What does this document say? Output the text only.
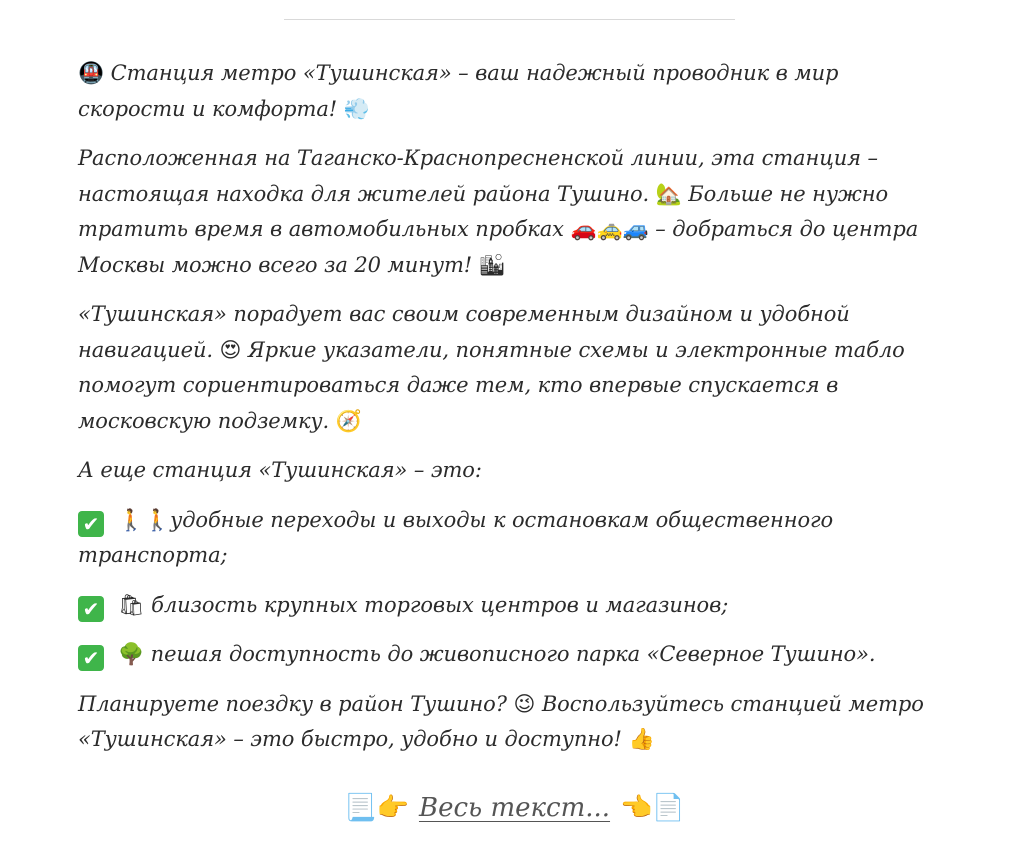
🚇 Станция метро «Тушинская» – ваш надежный проводник в мир скорости и комфорта! 💨

Расположенная на Таганско-Краснопресненской линии, эта станция – настоящая находка для жителей района Тушино. 🏡 Больше не нужно тратить время в автомобильных пробках 🚗🚕🚙 – добраться до центра Москвы можно всего за 20 минут! 🏙

«Тушинская» порадует вас своим современным дизайном и удобной навигацией. 😍 Яркие указатели, понятные схемы и электронные табло помогут сориентироваться даже тем, кто впервые спускается в московскую подземку. 🧭

А еще станция «Тушинская» – это:

✔ 🚶🚶удобные переходы и выходы к остановкам общественного транспорта;

✔ 🛍 близость крупных торговых центров и магазинов;

✔ 🌳 пешая доступность до живописного парка «Северное Тушино».

Планируете поездку в район Тушино? 😉 Воспользуйтесь станцией метро «Тушинская» – это быстро, удобно и доступно! 👍

📃👉 Весь текст... 👈📄
